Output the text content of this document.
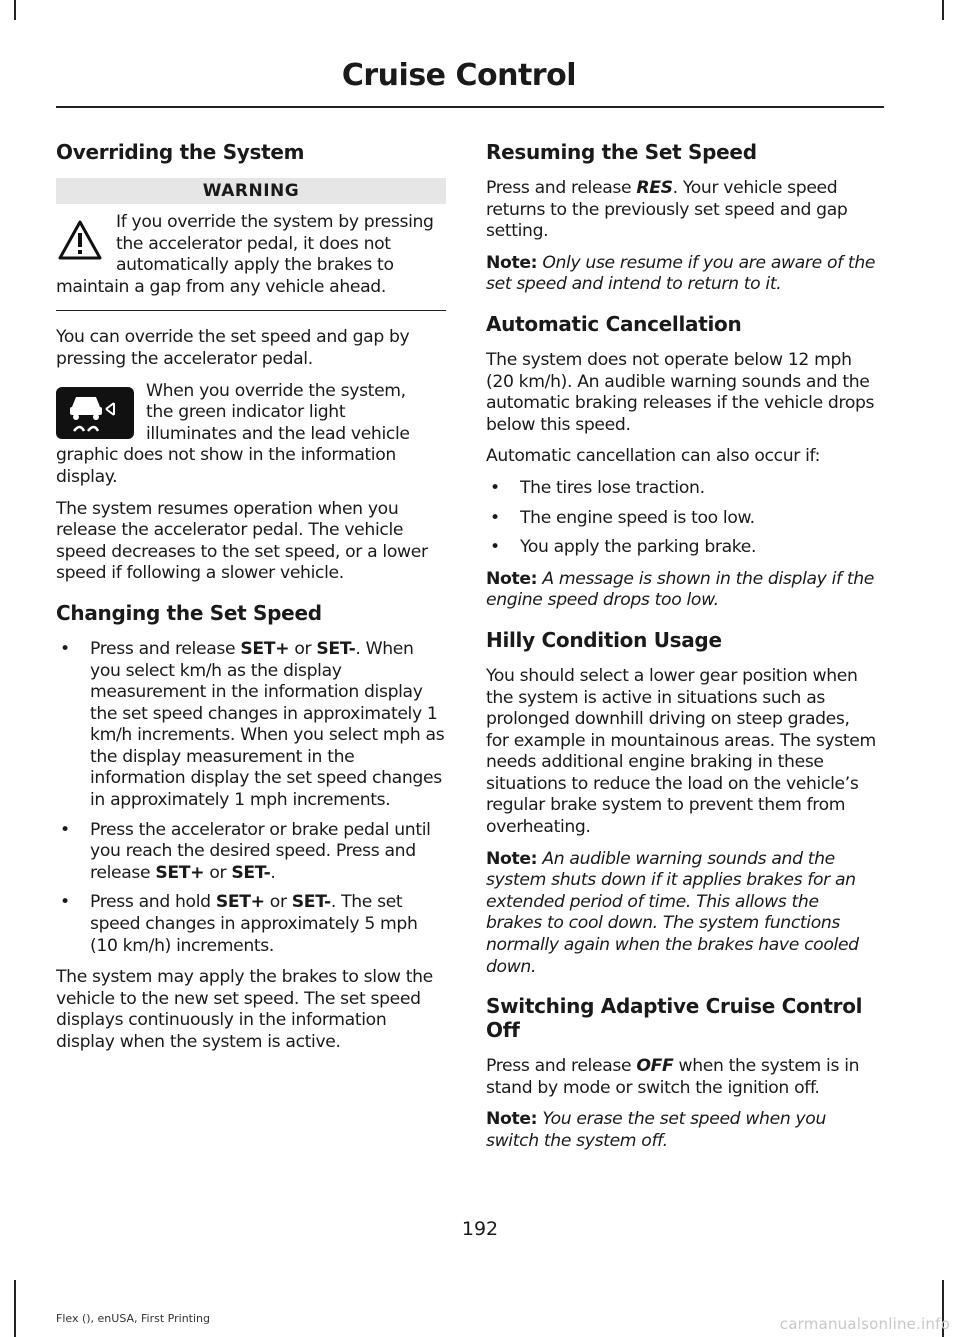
Cruise Control
Overriding the System
WARNING

If you override the system by pressing
the accelerator pedal, it does not
automatically apply the brakes to
maintain a gap from any vehicle ahead.

You can override the set speed and gap by pressing the accelerator pedal.

When you override the system,
the green indicator light
illuminates and the lead vehicle

graphic does not show in the information display.

The system resumes operation when you release the accelerator pedal. The vehicle speed decreases to the set speed, or a lower speed if following a slower vehicle.

Changing the Set Speed
• Press and release SET+ or SET-. When you select km/h as the display measurement in the information display the set speed changes in approximately 1 km/h increments. When you select mph as the display measurement in the information display the set speed changes in approximately 1 mph increments.
• Press the accelerator or brake pedal until you reach the desired speed. Press and release SET+ or SET-.
• Press and hold SET+ or SET-. The set speed changes in approximately 5 mph (10 km/h) increments.

The system may apply the brakes to slow the vehicle to the new set speed. The set speed displays continuously in the information display when the system is active.

Resuming the Set Speed

Press and release RES. Your vehicle speed returns to the previously set speed and gap setting.

Note: Only use resume if you are aware of the set speed and intend to return to it.

Automatic Cancellation

The system does not operate below 12 mph (20 km/h). An audible warning sounds and the automatic braking releases if the vehicle drops below this speed.

Automatic cancellation can also occur if:

• The tires lose traction.
• The engine speed is too low.
• You apply the parking brake.

Note: A message is shown in the display if the engine speed drops too low.

Hilly Condition Usage

You should select a lower gear position when the system is active in situations such as prolonged downhill driving on steep grades, for example in mountainous areas. The system needs additional engine braking in these situations to reduce the load on the vehicle’s regular brake system to prevent them from overheating.

Note: An audible warning sounds and the system shuts down if it applies brakes for an extended period of time. This allows the brakes to cool down. The system functions normally again when the brakes have cooled down.

Switching Adaptive Cruise Control Off

Press and release OFF when the system is in stand by mode or switch the ignition off.

Note: You erase the set speed when you switch the system off.

192
Flex (), enUSA, First Printing	carmanualsonline.info
